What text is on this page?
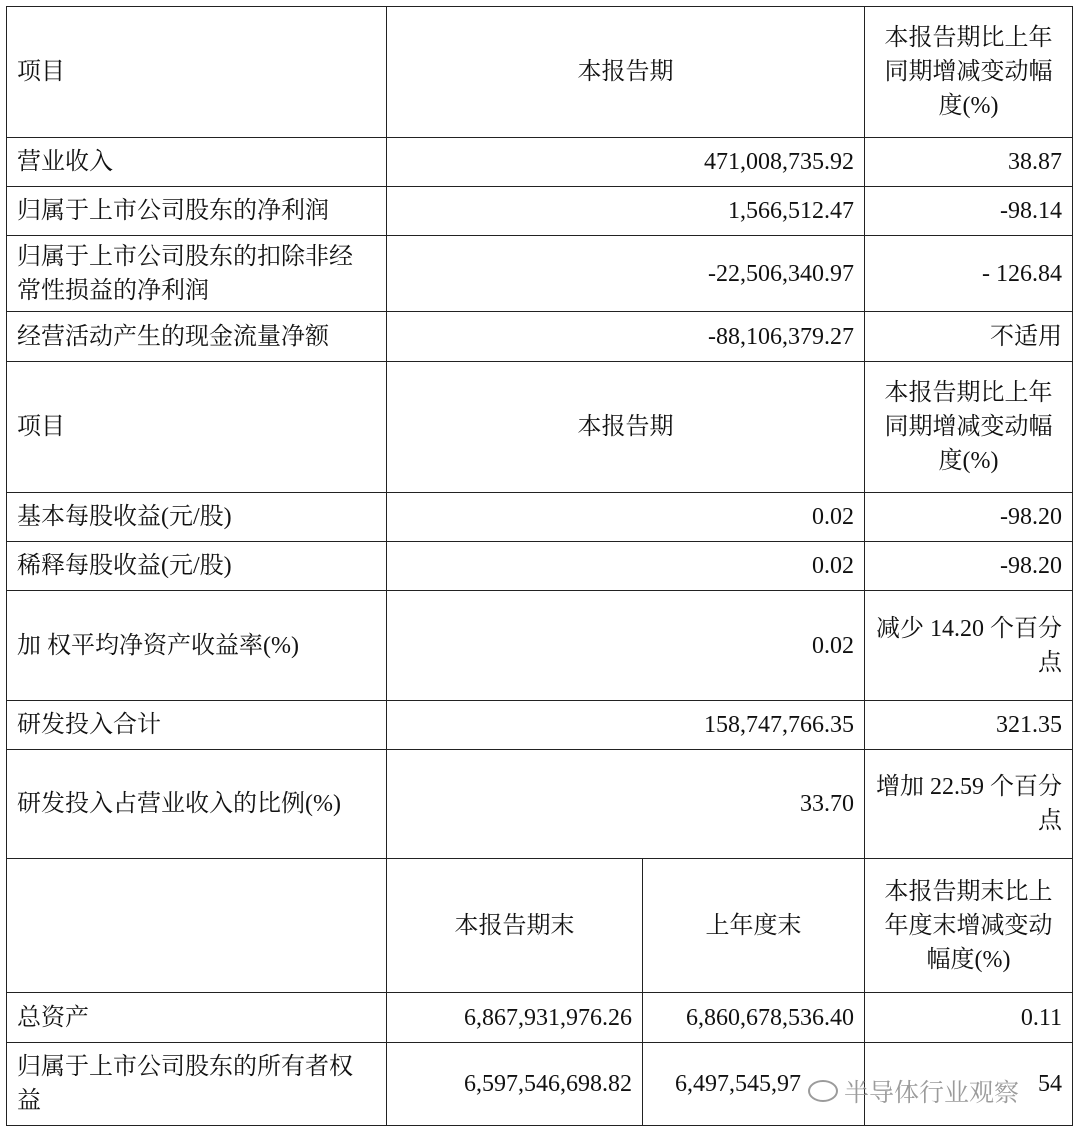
项目	本报告期		本报告期比上年同期增减变动幅度(%)
营业收入	471,008,735.92		38.87
归属于上市公司股东的净利润	1,566,512.47		-98.14
归属于上市公司股东的扣除非经常性损益的净利润	-22,506,340.97		- 126.84
经营活动产生的现金流量净额	-88,106,379.27		不适用
项目	本报告期		本报告期比上年同期增减变动幅度(%)
基本每股收益(元/股)	0.02		-98.20
稀释每股收益(元/股)	0.02		-98.20
加 权平均净资产收益率(%)	0.02		减少 14.20 个百分点
研发投入合计	158,747,766.35		321.35
研发投入占营业收入的比例(%)	33.70		增加 22.59 个百分点
	本报告期末	上年度末	本报告期末比上年度末增减变动幅度(%)
总资产	6,867,931,976.26	6,860,678,536.40	0.11
归属于上市公司股东的所有者权益	6,597,546,698.82	6,497,545,97	54
半导体行业观察
